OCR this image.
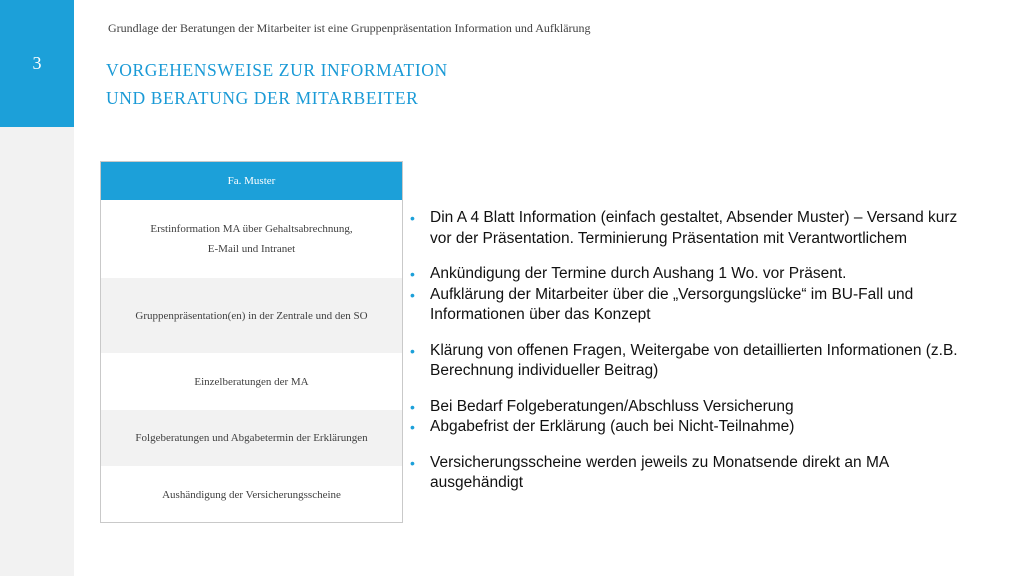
3
Grundlage der Beratungen der Mitarbeiter ist eine Gruppenpräsentation Information und Aufklärung
VORGEHENSWEISE ZUR INFORMATION
UND BERATUNG DER MITARBEITER
Fa. Muster
Erstinformation MA über Gehaltsabrechnung,
E-Mail und Intranet
Gruppenpräsentation(en) in der Zentrale und den SO
Einzelberatungen der MA
Folgeberatungen und Abgabetermin der Erklärungen
Aushändigung der Versicherungsscheine
• Din A 4 Blatt Information (einfach gestaltet, Absender Muster) – Versand kurz vor der Präsentation. Terminierung Präsentation mit Verantwortlichem
• Ankündigung der Termine durch Aushang 1 Wo. vor Präsent.
• Aufklärung der Mitarbeiter über die „Versorgungslücke“ im BU-Fall und Informationen über das Konzept
• Klärung von offenen Fragen, Weitergabe von detaillierten Informationen (z.B. Berechnung individueller Beitrag)
• Bei Bedarf Folgeberatungen/Abschluss Versicherung
• Abgabefrist der Erklärung (auch bei Nicht-Teilnahme)
• Versicherungsscheine werden jeweils zu Monatsende direkt an MA ausgehändigt
